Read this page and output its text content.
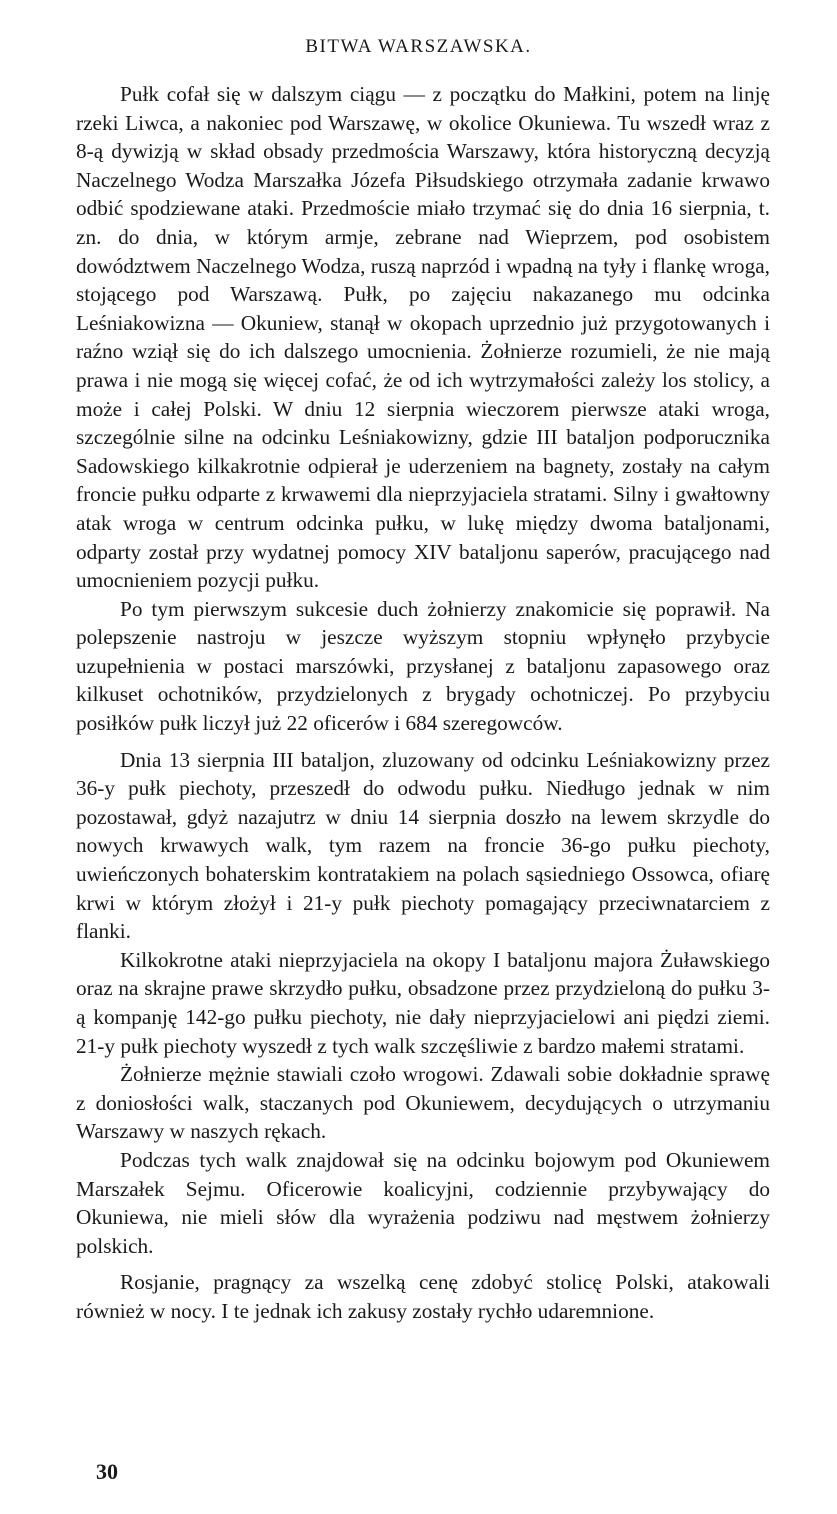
BITWA WARSZAWSKA.

Pułk cofał się w dalszym ciągu — z początku do Małkini, potem na linję rzeki Liwca, a nakoniec pod Warszawę, w okolice Okuniewa. Tu wszedł wraz z 8-ą dywizją w skład obsady przedmościa Warszawy, która historyczną decyzją Naczelnego Wodza Marszałka Józefa Piłsudskiego otrzymała zadanie krwawo odbić spodziewane ataki. Przedmoście miało trzymać się do dnia 16 sierpnia, t. zn. do dnia, w którym armje, zebrane nad Wieprzem, pod osobistem dowództwem Naczelnego Wodza, ruszą naprzód i wpadną na tyły i flankę wroga, stojącego pod Warszawą. Pułk, po zajęciu nakazanego mu odcinka Leśniakowizna — Okuniew, stanął w okopach uprzednio już przygotowanych i raźno wziął się do ich dalszego umocnienia. Żołnierze rozumieli, że nie mają prawa i nie mogą się więcej cofać, że od ich wytrzymałości zależy los stolicy, a może i całej Polski. W dniu 12 sierpnia wieczorem pierwsze ataki wroga, szczególnie silne na odcinku Leśniakowizny, gdzie III bataljon podporucznika Sadowskiego kilkakrotnie odpierał je uderzeniem na bagnety, zostały na całym froncie pułku odparte z krwawemi dla nieprzyjaciela stratami. Silny i gwałtowny atak wroga w centrum odcinka pułku, w lukę między dwoma bataljonami, odparty został przy wydatnej pomocy XIV bataljonu saperów, pracującego nad umocnieniem pozycji pułku.

Po tym pierwszym sukcesie duch żołnierzy znakomicie się poprawił. Na polepszenie nastroju w jeszcze wyższym stopniu wpłynęło przybycie uzupełnienia w postaci marszówki, przysłanej z bataljonu zapasowego oraz kilkuset ochotników, przydzielonych z brygady ochotniczej. Po przybyciu posiłków pułk liczył już 22 oficerów i 684 szeregowców.

Dnia 13 sierpnia III bataljon, zluzowany od odcinku Leśniakowizny przez 36-y pułk piechoty, przeszedł do odwodu pułku. Niedługo jednak w nim pozostawał, gdyż nazajutrz w dniu 14 sierpnia doszło na lewem skrzydle do nowych krwawych walk, tym razem na froncie 36-go pułku piechoty, uwieńczonych bohaterskim kontratakiem na polach sąsiedniego Ossowca, ofiarę krwi w którym złożył i 21-y pułk piechoty pomagający przeciwnatarciem z flanki.

Kilkokrotne ataki nieprzyjaciela na okopy I bataljonu majora Żuławskiego oraz na skrajne prawe skrzydło pułku, obsadzone przez przydzieloną do pułku 3-ą kompanję 142-go pułku piechoty, nie dały nieprzyjacielowi ani piędzi ziemi. 21-y pułk piechoty wyszedł z tych walk szczęśliwie z bardzo małemi stratami.

Żołnierze mężnie stawiali czoło wrogowi. Zdawali sobie dokładnie sprawę z doniosłości walk, staczanych pod Okuniewem, decydujących o utrzymaniu Warszawy w naszych rękach.

Podczas tych walk znajdował się na odcinku bojowym pod Okuniewem Marszałek Sejmu. Oficerowie koalicyjni, codziennie przybywający do Okuniewa, nie mieli słów dla wyrażenia podziwu nad męstwem żołnierzy polskich.

Rosjanie, pragnący za wszelką cenę zdobyć stolicę Polski, atakowali również w nocy. I te jednak ich zakusy zostały rychło udaremnione.

30
